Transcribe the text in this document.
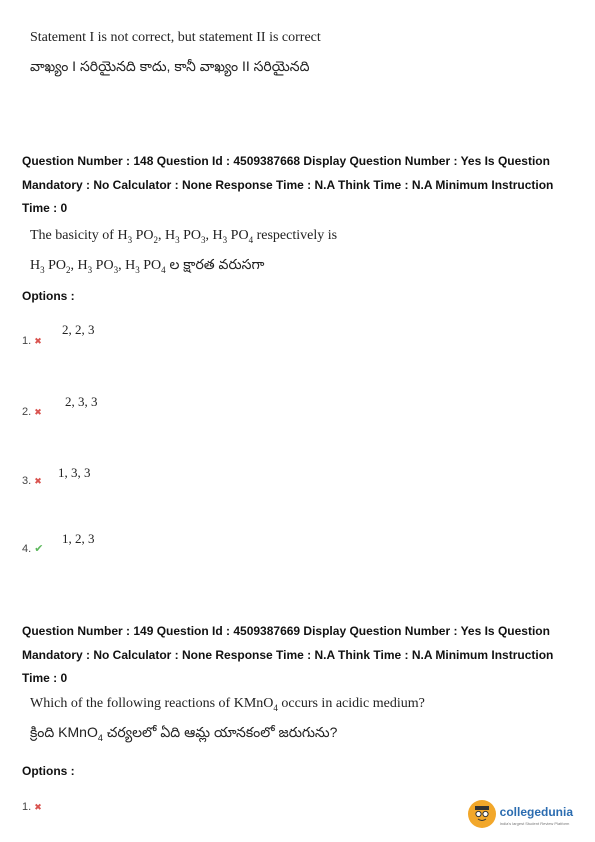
Statement I is not correct, but statement II is correct
వాఖ్యం I సరియైనది కాదు, కానీ వాఖ్యం II సరియైనది
Question Number : 148 Question Id : 4509387668 Display Question Number : Yes Is Question Mandatory : No Calculator : None Response Time : N.A Think Time : N.A Minimum Instruction Time : 0
The basicity of $H_3$ $PO_2$, $H_3$ $PO_3$, $H_3$ $PO_4$ respectively is
$H_3$ $PO_2$, $H_3$ $PO_3$, $H_3$ $PO_4$ ల క్షారత వరుసగా
Options :
1. ✖
2, 2, 3
2. ✖
2, 3, 3
3. ✖
1, 3, 3
4. ✔
1, 2, 3
Question Number : 149 Question Id : 4509387669 Display Question Number : Yes Is Question Mandatory : No Calculator : None Response Time : N.A Think Time : N.A Minimum Instruction Time : 0
Which of the following reactions of KMnO$_4$ occurs in acidic medium?
క్రింది KMnO$_4$ చర్యలలో ఏది ఆమ్ల యానకంలో జరుగును?
Options :
1. ✖	collegedunia
India's largest Student Review Platform
